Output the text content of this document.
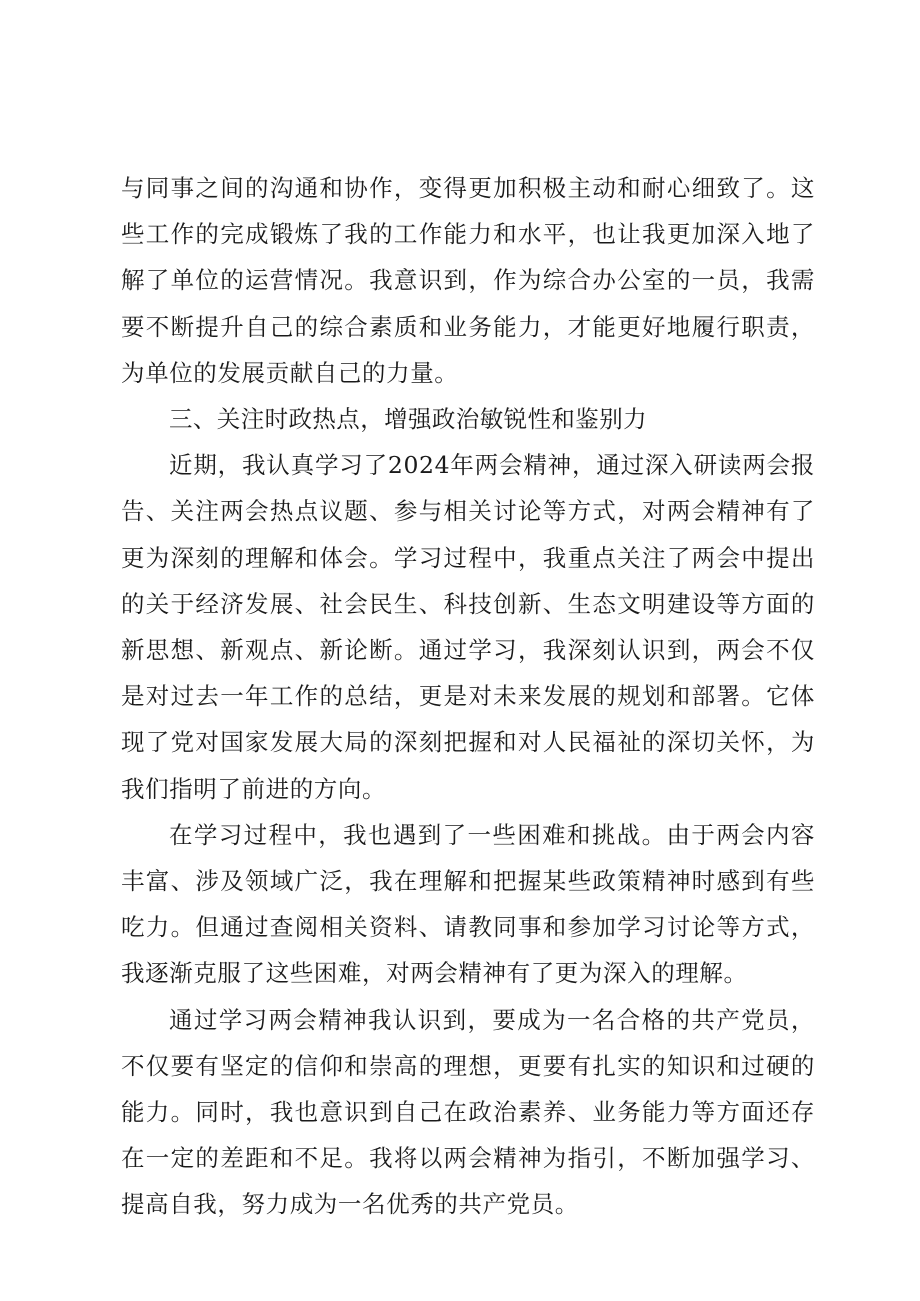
与同事之间的沟通和协作，变得更加积极主动和耐心细致了。这些工作的完成锻炼了我的工作能力和水平，也让我更加深入地了解了单位的运营情况。我意识到，作为综合办公室的一员，我需要不断提升自己的综合素质和业务能力，才能更好地履行职责，为单位的发展贡献自己的力量。

三、关注时政热点，增强政治敏锐性和鉴别力

近期，我认真学习了2024年两会精神，通过深入研读两会报告、关注两会热点议题、参与相关讨论等方式，对两会精神有了更为深刻的理解和体会。学习过程中，我重点关注了两会中提出的关于经济发展、社会民生、科技创新、生态文明建设等方面的新思想、新观点、新论断。通过学习，我深刻认识到，两会不仅是对过去一年工作的总结，更是对未来发展的规划和部署。它体现了党对国家发展大局的深刻把握和对人民福祉的深切关怀，为我们指明了前进的方向。

在学习过程中，我也遇到了一些困难和挑战。由于两会内容丰富、涉及领域广泛，我在理解和把握某些政策精神时感到有些吃力。但通过查阅相关资料、请教同事和参加学习讨论等方式，我逐渐克服了这些困难，对两会精神有了更为深入的理解。

通过学习两会精神我认识到，要成为一名合格的共产党员，不仅要有坚定的信仰和崇高的理想，更要有扎实的知识和过硬的能力。同时，我也意识到自己在政治素养、业务能力等方面还存在一定的差距和不足。我将以两会精神为指引，不断加强学习、提高自我，努力成为一名优秀的共产党员。
